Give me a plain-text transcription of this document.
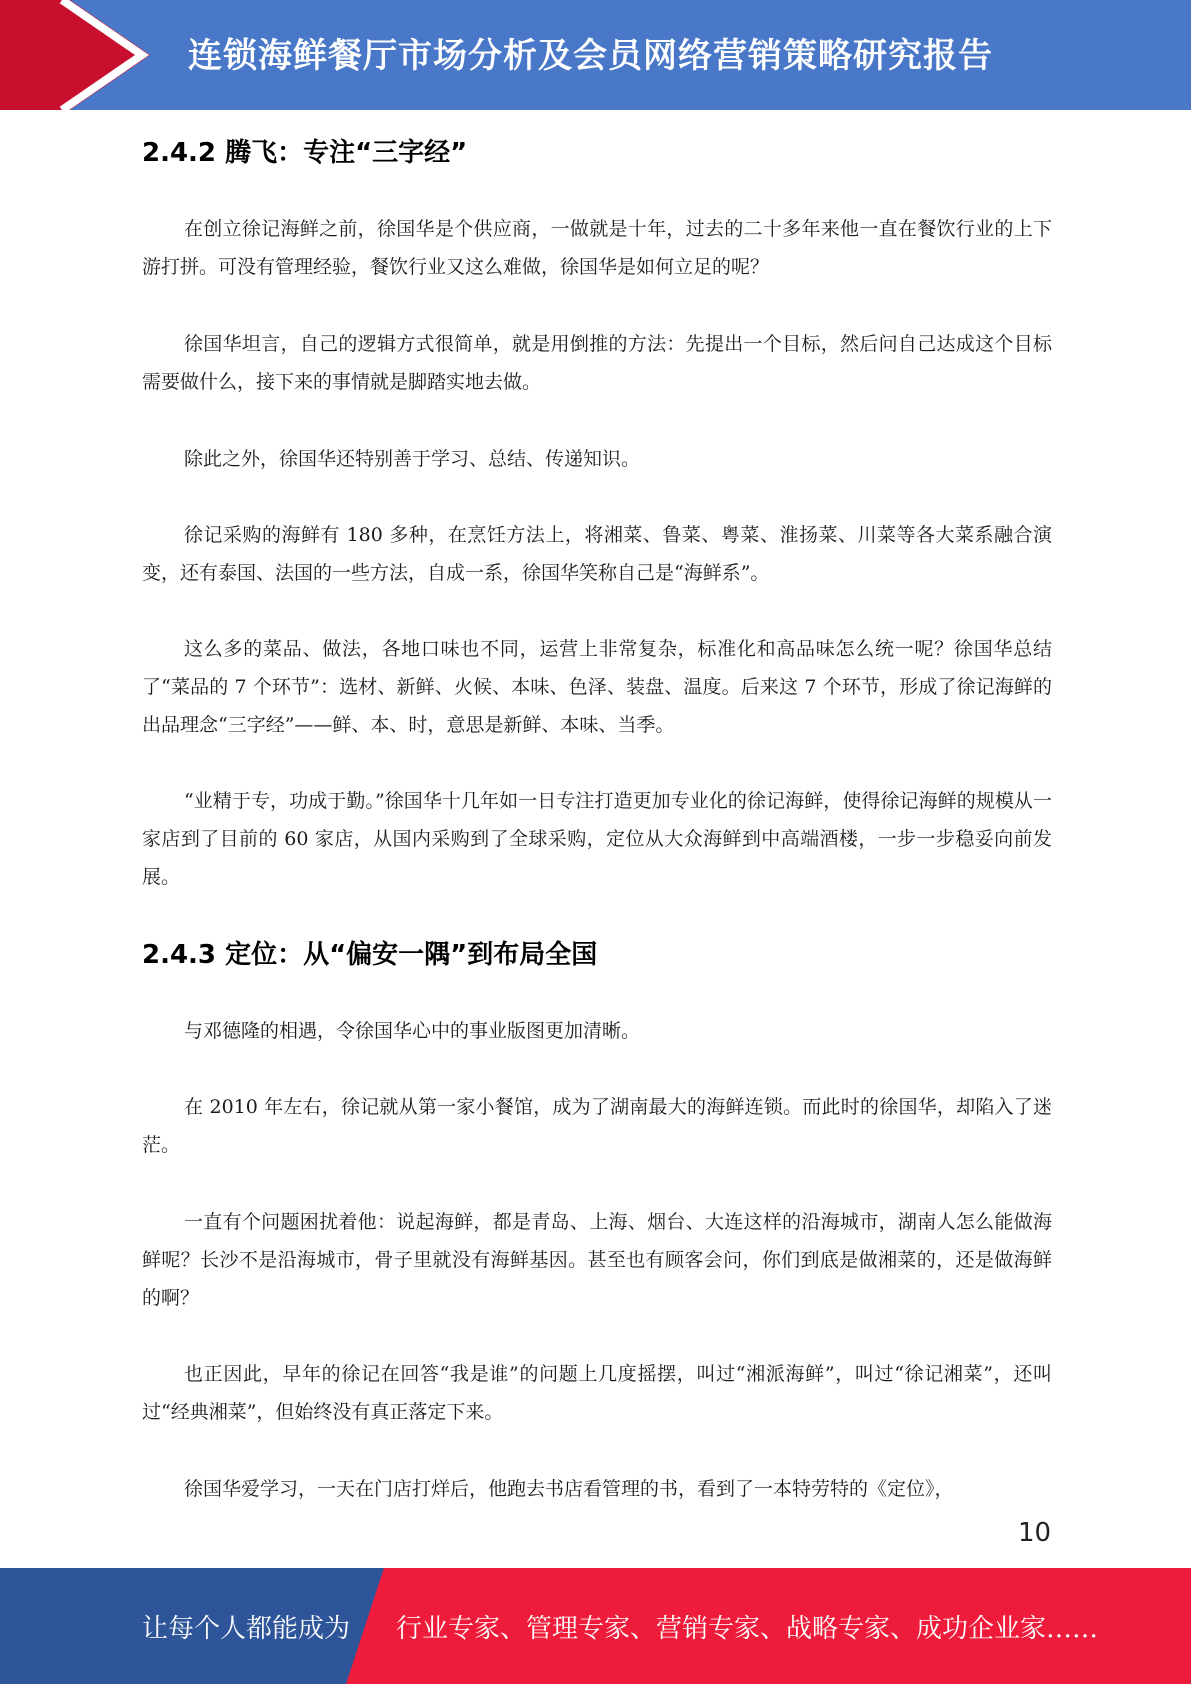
连锁海鲜餐厅市场分析及会员网络营销策略研究报告
2.4.2 腾飞：专注“三字经”

在创立徐记海鲜之前，徐国华是个供应商，一做就是十年，过去的二十多年来他一直在餐饮行业的上下游打拼。可没有管理经验，餐饮行业又这么难做，徐国华是如何立足的呢？

徐国华坦言，自己的逻辑方式很简单，就是用倒推的方法：先提出一个目标，然后问自己达成这个目标需要做什么，接下来的事情就是脚踏实地去做。

除此之外，徐国华还特别善于学习、总结、传递知识。

徐记采购的海鲜有 180 多种，在烹饪方法上，将湘菜、鲁菜、粤菜、淮扬菜、川菜等各大菜系融合演变，还有泰国、法国的一些方法，自成一系，徐国华笑称自己是“海鲜系”。

这么多的菜品、做法，各地口味也不同，运营上非常复杂，标准化和高品味怎么统一呢？徐国华总结了“菜品的 7 个环节”：选材、新鲜、火候、本味、色泽、装盘、温度。后来这 7 个环节，形成了徐记海鲜的出品理念“三字经”——鲜、本、时，意思是新鲜、本味、当季。

“业精于专，功成于勤。”徐国华十几年如一日专注打造更加专业化的徐记海鲜，使得徐记海鲜的规模从一家店到了目前的 60 家店，从国内采购到了全球采购，定位从大众海鲜到中高端酒楼，一步一步稳妥向前发展。

2.4.3 定位：从“偏安一隅”到布局全国

与邓德隆的相遇，令徐国华心中的事业版图更加清晰。

在 2010 年左右，徐记就从第一家小餐馆，成为了湖南最大的海鲜连锁。而此时的徐国华，却陷入了迷茫。

一直有个问题困扰着他：说起海鲜，都是青岛、上海、烟台、大连这样的沿海城市，湖南人怎么能做海鲜呢？长沙不是沿海城市，骨子里就没有海鲜基因。甚至也有顾客会问，你们到底是做湘菜的，还是做海鲜的啊？

也正因此，早年的徐记在回答“我是谁”的问题上几度摇摆，叫过“湘派海鲜”，叫过“徐记湘菜”，还叫过“经典湘菜”，但始终没有真正落定下来。

徐国华爱学习，一天在门店打烊后，他跑去书店看管理的书，看到了一本特劳特的《定位》，

10
让每个人都能成为 行业专家、管理专家、营销专家、战略专家、成功企业家……
